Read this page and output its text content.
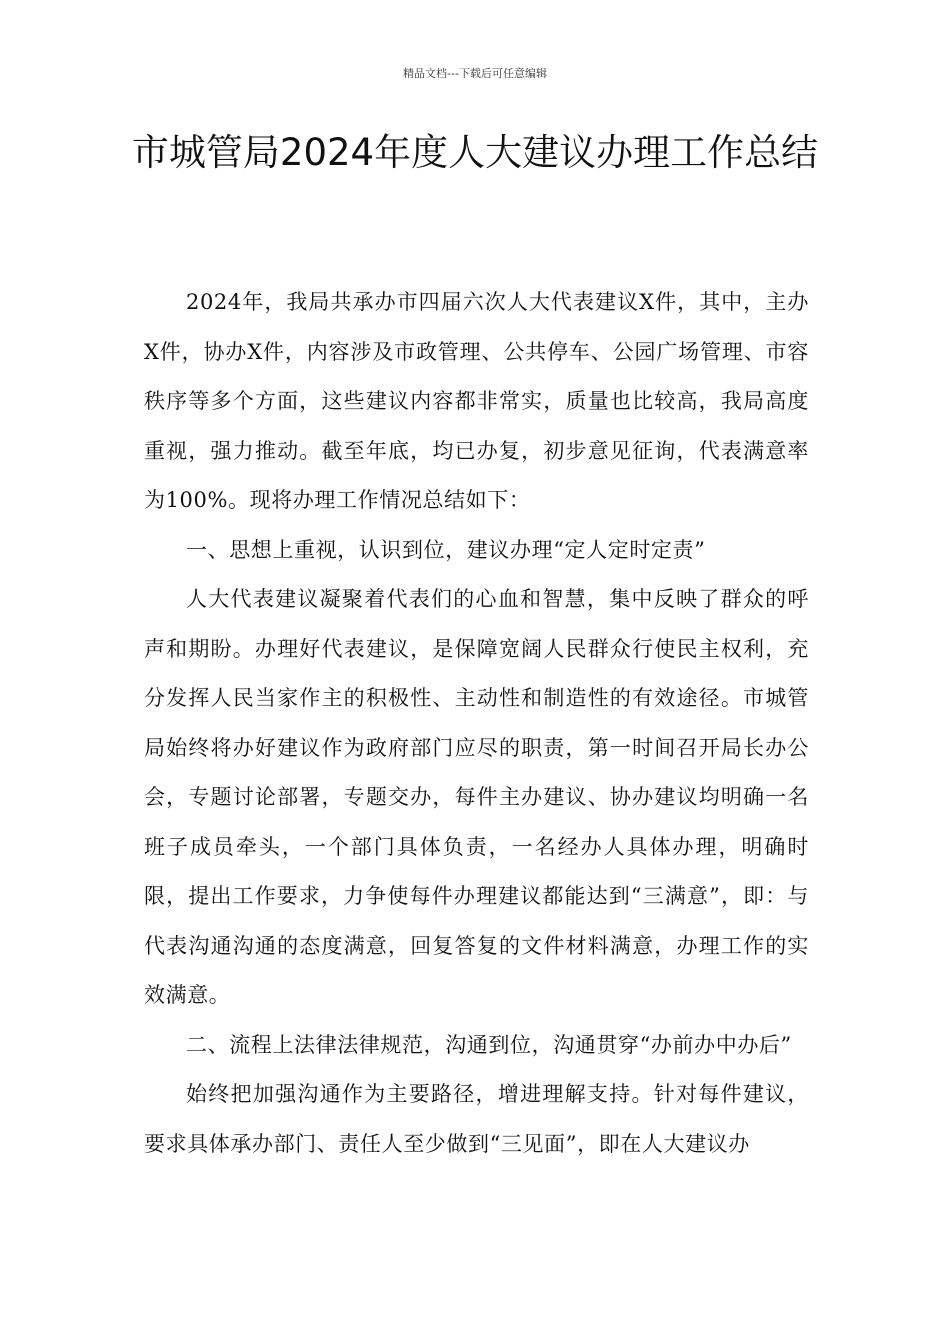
精品文档---下载后可任意编辑
市城管局2024年度人大建议办理工作总结

2024年，我局共承办市四届六次人大代表建议X件，其中，主办X件，协办X件，内容涉及市政管理、公共停车、公园广场管理、市容秩序等多个方面，这些建议内容都非常实，质量也比较高，我局高度重视，强力推动。截至年底，均已办复，初步意见征询，代表满意率为100%。现将办理工作情况总结如下：

一、思想上重视，认识到位，建议办理“定人定时定责”

人大代表建议凝聚着代表们的心血和智慧，集中反映了群众的呼声和期盼。办理好代表建议，是保障宽阔人民群众行使民主权利，充分发挥人民当家作主的积极性、主动性和制造性的有效途径。市城管局始终将办好建议作为政府部门应尽的职责，第一时间召开局长办公会，专题讨论部署，专题交办，每件主办建议、协办建议均明确一名班子成员牵头，一个部门具体负责，一名经办人具体办理，明确时限，提出工作要求，力争使每件办理建议都能达到“三满意”，即：与代表沟通沟通的态度满意，回复答复的文件材料满意，办理工作的实效满意。

二、流程上法律法律规范，沟通到位，沟通贯穿“办前办中办后”

始终把加强沟通作为主要路径，增进理解支持。针对每件建议，要求具体承办部门、责任人至少做到“三见面”，即在人大建议办
